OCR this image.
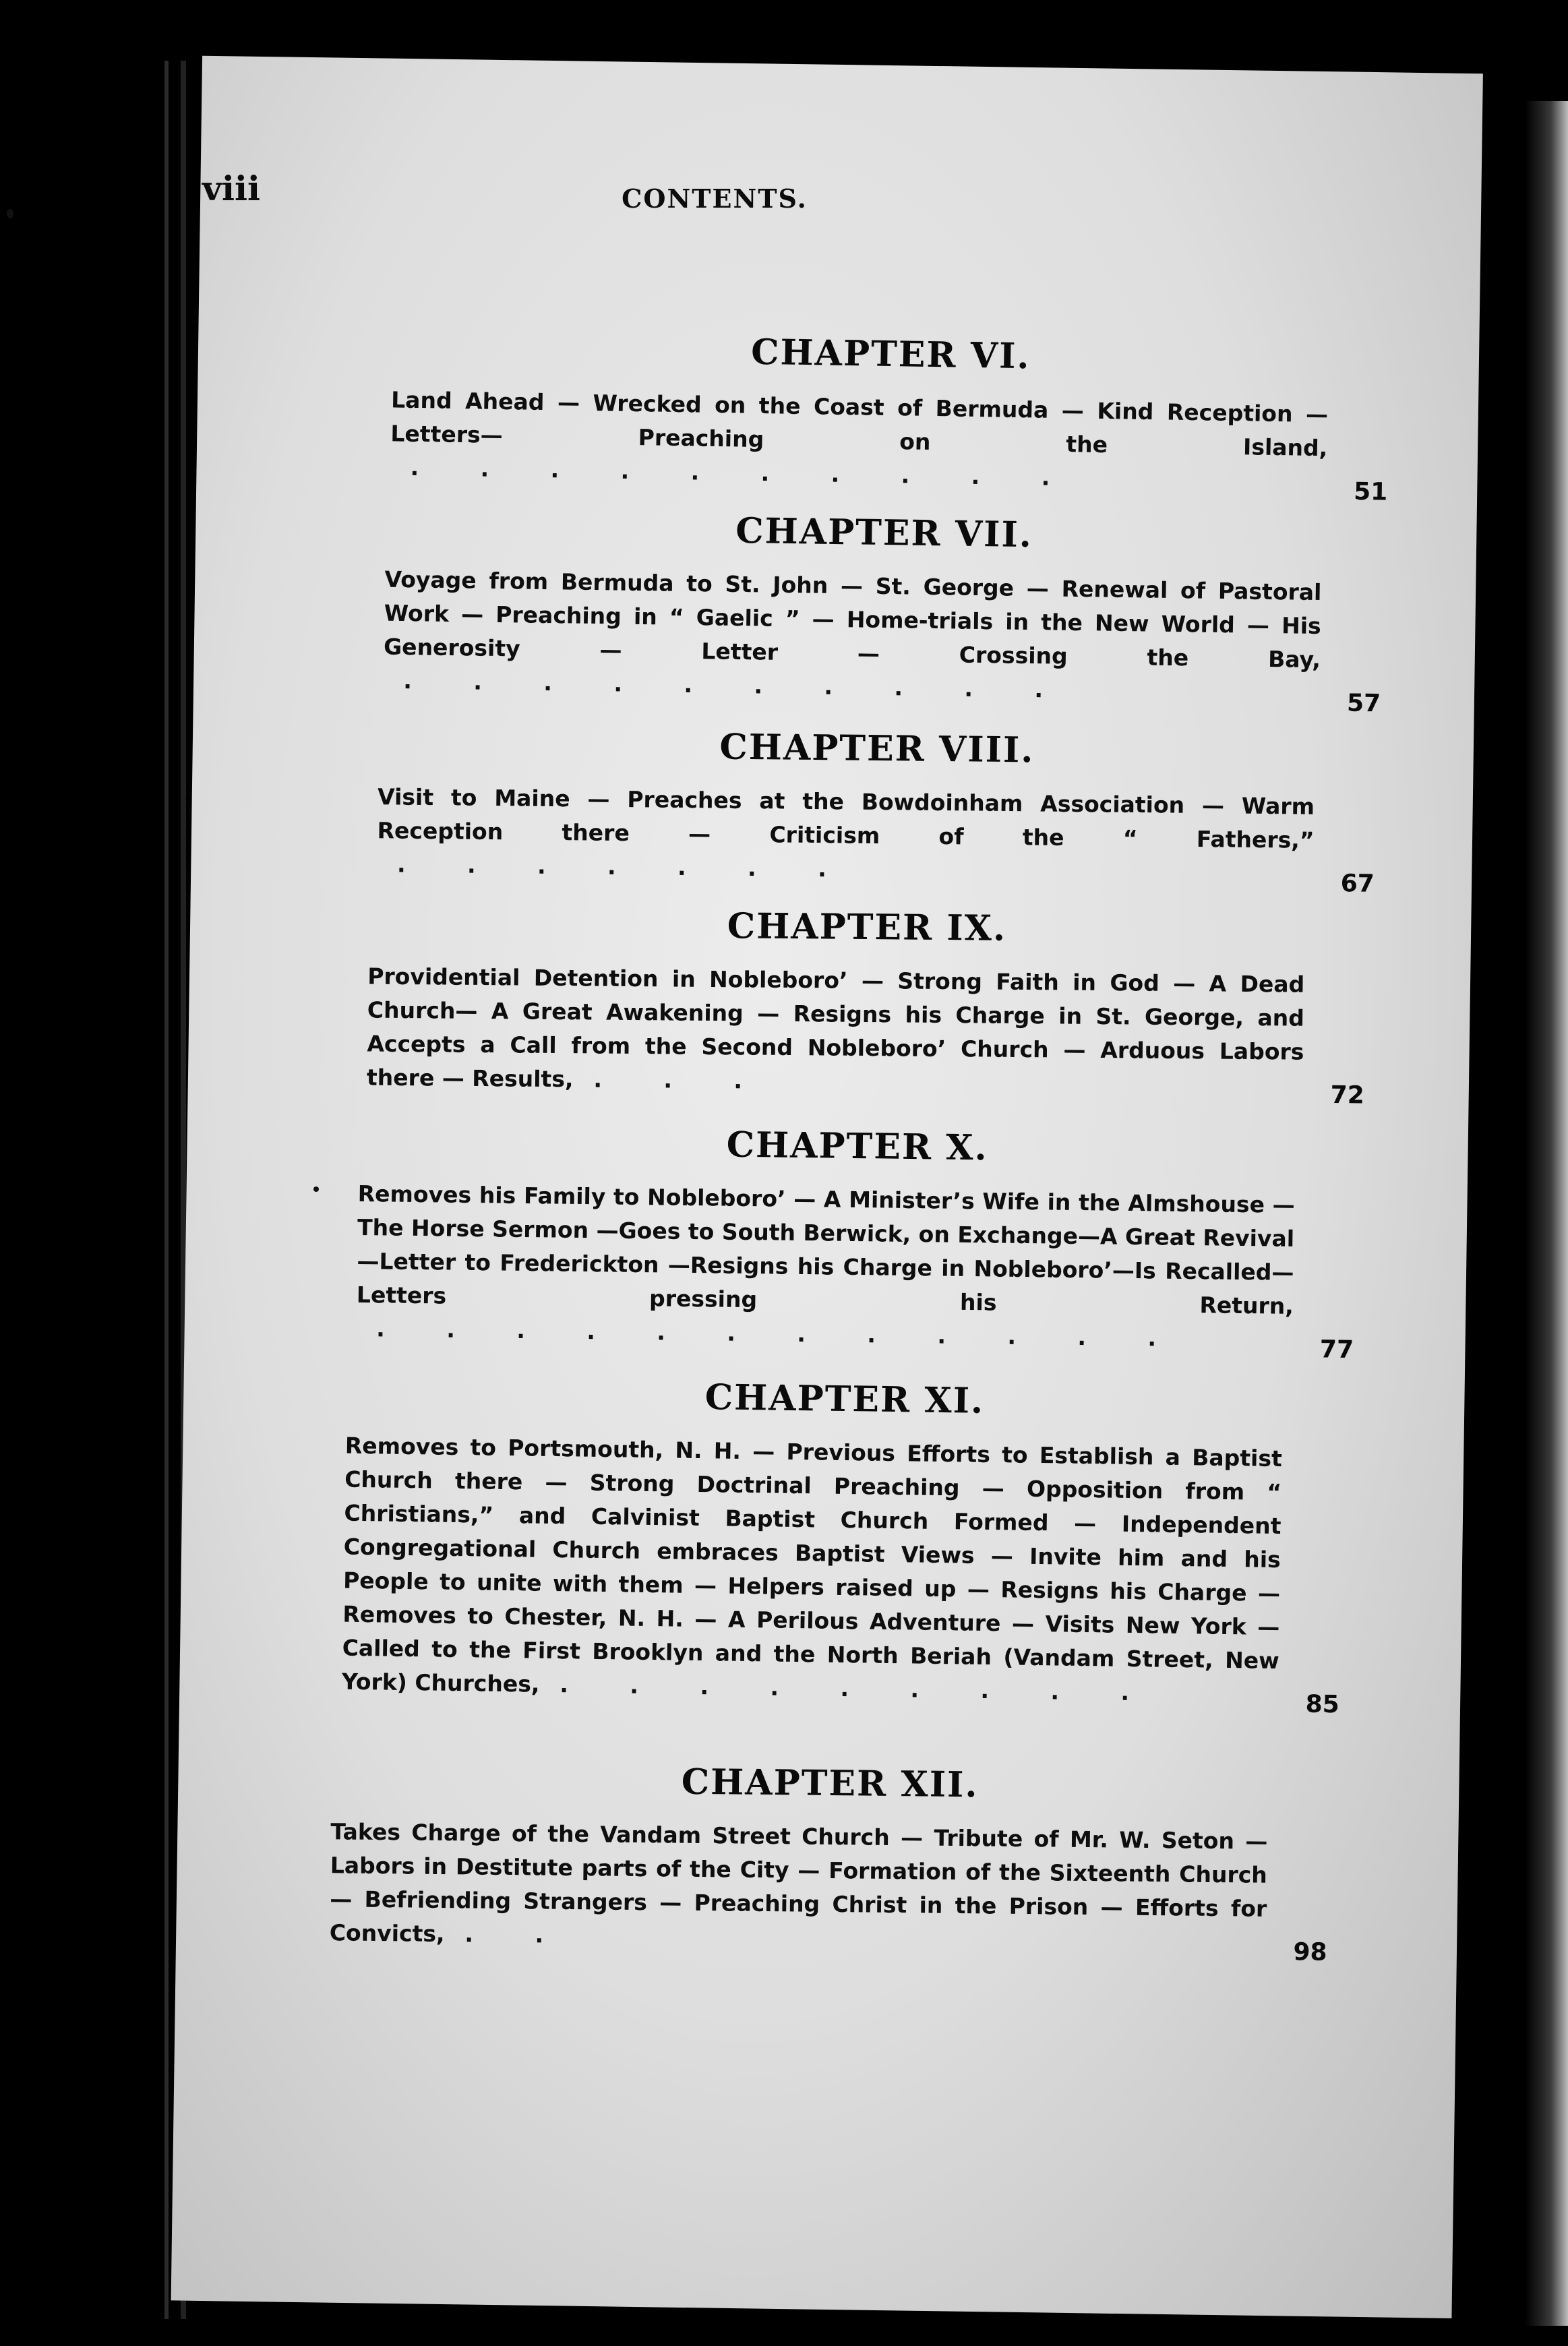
viii	CONTENTS.
CHAPTER VI.

Land Ahead — Wrecked on the Coast of Bermuda — Kind Reception — Letters— Preaching on the Island,. . . . . . . . . .
51

CHAPTER VII.

Voyage from Bermuda to St. John — St. George — Renewal of Pastoral Work — Preaching in “ Gaelic ” — Home-trials in the New World — His Generosity — Letter — Crossing the Bay,. . . . . . . . . .
57

CHAPTER VIII.

Visit to Maine — Preaches at the Bowdoinham Association — Warm Reception there — Criticism of the “ Fathers,”. . . . . . .
67

CHAPTER IX.

Providential Detention in Nobleboro’ — Strong Faith in God — A Dead Church— A Great Awakening — Resigns his Charge in St. George, and Accepts a Call from the Second Nobleboro’ Church — Arduous Labors there — Results, . . .
72

CHAPTER X.

Removes his Family to Nobleboro’ — A Minister’s Wife in the Almshouse — The Horse Sermon —Goes to South Berwick, on Exchange—A Great Revival —Letter to Frederickton —Resigns his Charge in Nobleboro’—Is Recalled—Letters pressing his Return,. . . . . . . . . . . .	77

CHAPTER XI.

Removes to Portsmouth, N. H. — Previous Efforts to Establish a Baptist Church there — Strong Doctrinal Preaching — Opposition from “ Christians,” and Calvinist Baptist Church Formed — Independent Congregational Church embraces Baptist Views — Invite him and his People to unite with them — Helpers raised up — Resigns his Charge — Removes to Chester, N. H. — A Perilous Adventure — Visits New York —Called to the First Brooklyn and the North Beriah (Vandam Street, New York) Churches, . . . . . . . . .	85

CHAPTER XII.

Takes Charge of the Vandam Street Church — Tribute of Mr. W. Seton — Labors in Destitute parts of the City — Formation of the Sixteenth Church — Befriending Strangers — Preaching Christ in the Prison — Efforts for Convicts, . .
98
